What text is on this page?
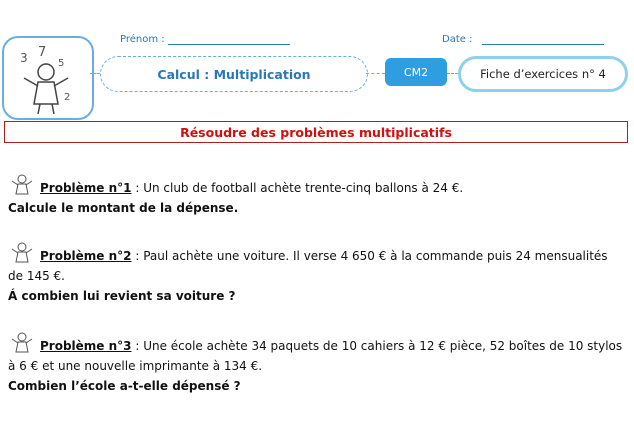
Prénom :	Date :
3 7
5
2
Calcul : Multiplication	CM2	Fiche d’exercices n° 4
Résoudre des problèmes multiplicatifs
Problème n°1 : Un club de football achète trente-cinq ballons à 24 €.
Calcule le montant de la dépense.
Problème n°2 : Paul achète une voiture. Il verse 4 650 € à la commande puis 24 mensualités de 145 €.
Á combien lui revient sa voiture ?
Problème n°3 : Une école achète 34 paquets de 10 cahiers à 12 € pièce, 52 boîtes de 10 stylos à 6 € et une nouvelle imprimante à 134 €.
Combien l’école a-t-elle dépensé ?
